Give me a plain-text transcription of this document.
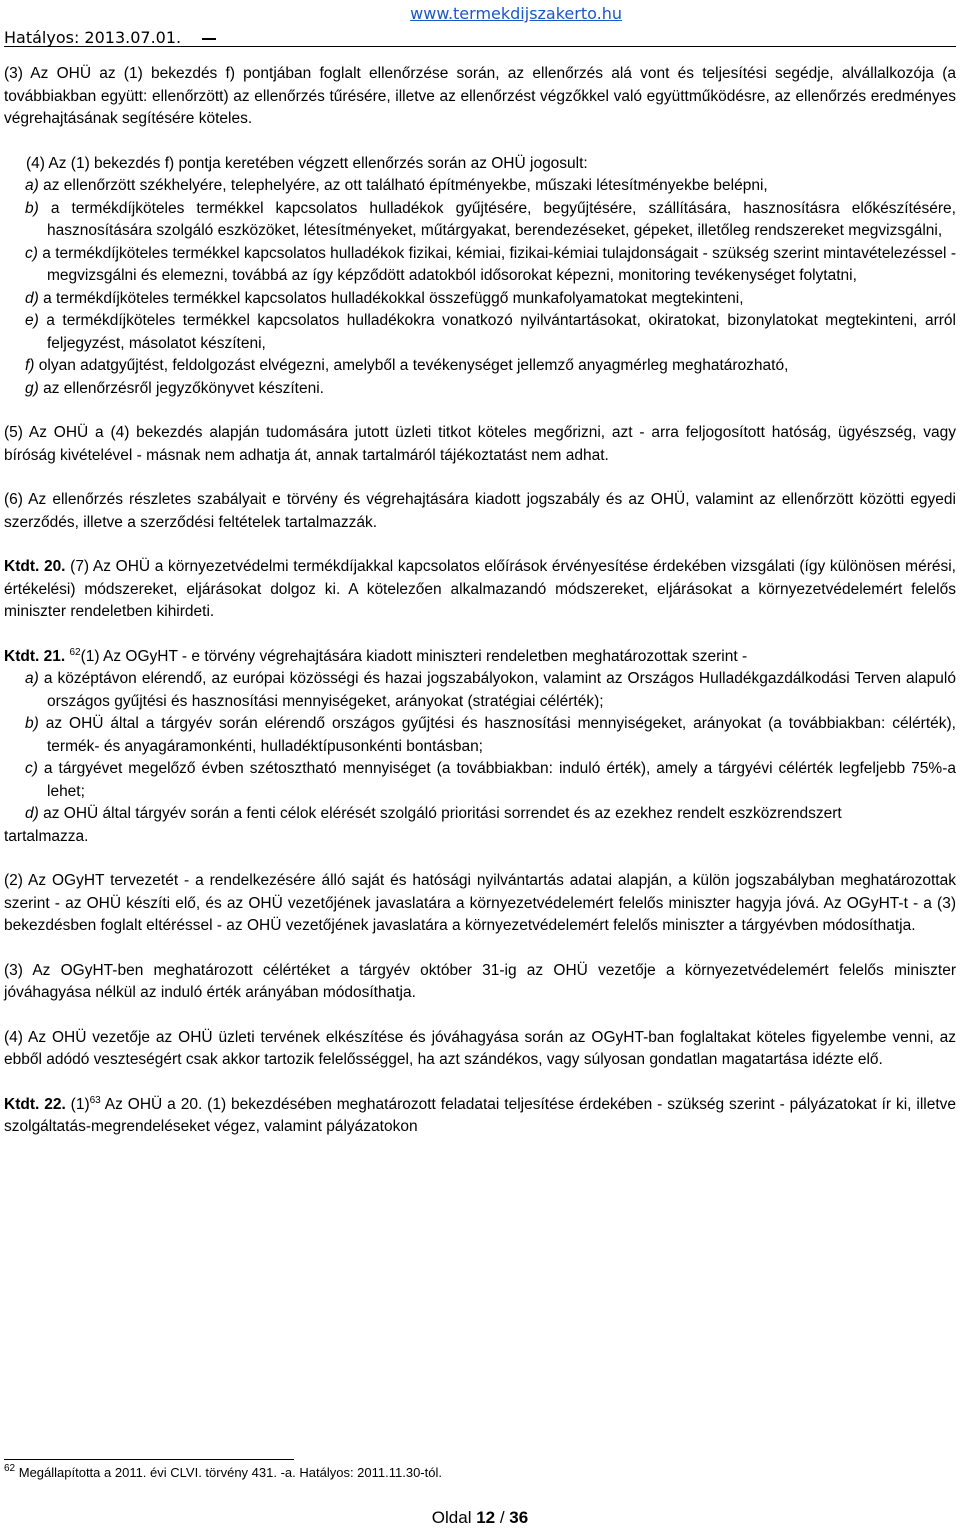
Hatályos: 2013.07.01.
www.termekdijszakerto.hu

(3) Az OHÜ az (1) bekezdés f) pontjában foglalt ellenőrzése során, az ellenőrzés alá vont és teljesítési segédje, alvállalkozója (a továbbiakban együtt: ellenőrzött) az ellenőrzés tűrésére, illetve az ellenőrzést végzőkkel való együttműködésre, az ellenőrzés eredményes végrehajtásának segítésére köteles.

(4) Az (1) bekezdés f) pontja keretében végzett ellenőrzés során az OHÜ jogosult:
a) az ellenőrzött székhelyére, telephelyére, az ott található építményekbe, műszaki létesítményekbe belépni,
b) a termékdíjköteles termékkel kapcsolatos hulladékok gyűjtésére, begyűjtésére, szállítására, hasznosításra előkészítésére, hasznosítására szolgáló eszközöket, létesítményeket, műtárgyakat, berendezéseket, gépeket, illetőleg rendszereket megvizsgálni,
c) a termékdíjköteles termékkel kapcsolatos hulladékok fizikai, kémiai, fizikai-kémiai tulajdonságait - szükség szerint mintavételezéssel - megvizsgálni és elemezni, továbbá az így képződött adatokból idősorokat képezni, monitoring tevékenységet folytatni,
d) a termékdíjköteles termékkel kapcsolatos hulladékokkal összefüggő munkafolyamatokat megtekinteni,
e) a termékdíjköteles termékkel kapcsolatos hulladékokra vonatkozó nyilvántartásokat, okiratokat, bizonylatokat megtekinteni, arról feljegyzést, másolatot készíteni,
f) olyan adatgyűjtést, feldolgozást elvégezni, amelyből a tevékenységet jellemző anyagmérleg meghatározható,
g) az ellenőrzésről jegyzőkönyvet készíteni.

(5) Az OHÜ a (4) bekezdés alapján tudomására jutott üzleti titkot köteles megőrizni, azt - arra feljogosított hatóság, ügyészség, vagy bíróság kivételével - másnak nem adhatja át, annak tartalmáról tájékoztatást nem adhat.

(6) Az ellenőrzés részletes szabályait e törvény és végrehajtására kiadott jogszabály és az OHÜ, valamint az ellenőrzött közötti egyedi szerződés, illetve a szerződési feltételek tartalmazzák.

Ktdt. 20. (7) Az OHÜ a környezetvédelmi termékdíjakkal kapcsolatos előírások érvényesítése érdekében vizsgálati (így különösen mérési, értékelési) módszereket, eljárásokat dolgoz ki. A kötelezően alkalmazandó módszereket, eljárásokat a környezetvédelemért felelős miniszter rendeletben kihirdeti.

Ktdt. 21. $^{62}$(1) Az OGyHT - e törvény végrehajtására kiadott miniszteri rendeletben meghatározottak szerint -
a) a középtávon elérendő, az európai közösségi és hazai jogszabályokon, valamint az Országos Hulladékgazdálkodási Terven alapuló országos gyűjtési és hasznosítási mennyiségeket, arányokat (stratégiai célérték);
b) az OHÜ által a tárgyév során elérendő országos gyűjtési és hasznosítási mennyiségeket, arányokat (a továbbiakban: célérték), termék- és anyagáramonkénti, hulladéktípusonkénti bontásban;
c) a tárgyévet megelőző évben szétosztható mennyiséget (a továbbiakban: induló érték), amely a tárgyévi célérték legfeljebb 75%-a lehet;
d) az OHÜ által tárgyév során a fenti célok elérését szolgáló prioritási sorrendet és az ezekhez rendelt eszközrendszert
tartalmazza.

(2) Az OGyHT tervezetét - a rendelkezésére álló saját és hatósági nyilvántartás adatai alapján, a külön jogszabályban meghatározottak szerint - az OHÜ készíti elő, és az OHÜ vezetőjének javaslatára a környezetvédelemért felelős miniszter hagyja jóvá. Az OGyHT-t - a (3) bekezdésben foglalt eltéréssel - az OHÜ vezetőjének javaslatára a környezetvédelemért felelős miniszter a tárgyévben módosíthatja.

(3) Az OGyHT-ben meghatározott célértéket a tárgyév október 31-ig az OHÜ vezetője a környezetvédelemért felelős miniszter jóváhagyása nélkül az induló érték arányában módosíthatja.

(4) Az OHÜ vezetője az OHÜ üzleti tervének elkészítése és jóváhagyása során az OGyHT-ban foglaltakat köteles figyelembe venni, az ebből adódó veszteségért csak akkor tartozik felelősséggel, ha azt szándékos, vagy súlyosan gondatlan magatartása idézte elő.

Ktdt. 22. $(1)^{63}$ Az OHÜ a 20. (1) bekezdésében meghatározott feladatai teljesítése érdekében - szükség szerint - pályázatokat ír ki, illetve szolgáltatás-megrendeléseket végez, valamint pályázatokon

$^{62}$ Megállapította a 2011. évi CLVI. törvény 431. -a. Hatályos: 2011.11.30-tól.
Oldal 12 / 36
